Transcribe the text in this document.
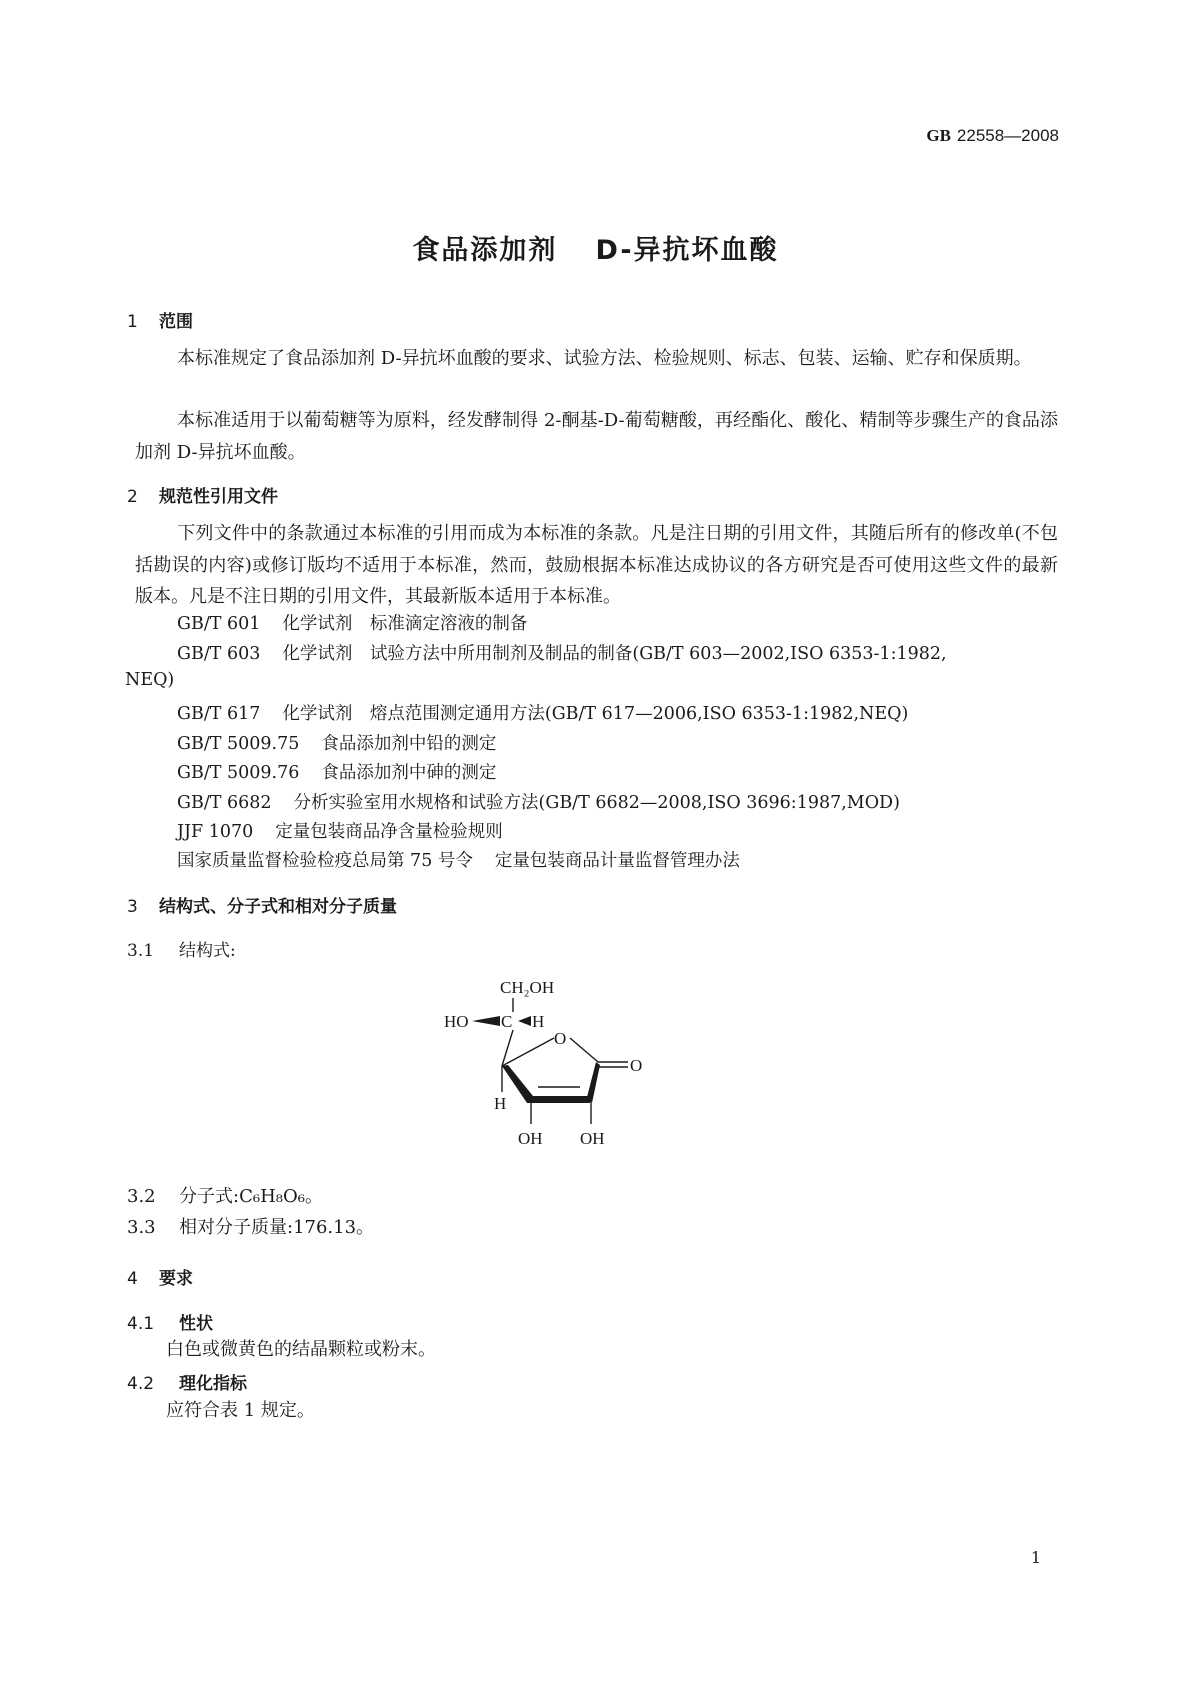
GB 22558—2008
食品添加剂 D-异抗坏血酸
1 范围
本标准规定了食品添加剂 D-异抗坏血酸的要求、试验方法、检验规则、标志、包装、运输、贮存和保质期。
本标准适用于以葡萄糖等为原料，经发酵制得 2-酮基-D-葡萄糖酸，再经酯化、酸化、精制等步骤生产的食品添加剂 D-异抗坏血酸。
2 规范性引用文件
下列文件中的条款通过本标准的引用而成为本标准的条款。凡是注日期的引用文件，其随后所有的修改单(不包括勘误的内容)或修订版均不适用于本标准，然而，鼓励根据本标准达成协议的各方研究是否可使用这些文件的最新版本。凡是不注日期的引用文件，其最新版本适用于本标准。
GB/T 601 化学试剂　标准滴定溶液的制备
GB/T 603 化学试剂　试验方法中所用制剂及制品的制备(GB/T 603—2002,ISO 6353-1:1982,
NEQ)
GB/T 617 化学试剂　熔点范围测定通用方法(GB/T 617—2006,ISO 6353-1:1982,NEQ)
GB/T 5009.75 食品添加剂中铅的测定
GB/T 5009.76 食品添加剂中砷的测定
GB/T 6682 分析实验室用水规格和试验方法(GB/T 6682—2008,ISO 3696:1987,MOD)
JJF 1070 定量包装商品净含量检验规则
国家质量监督检验检疫总局第 75 号令 定量包装商品计量监督管理办法
3 结构式、分子式和相对分子质量
3.1 结构式:
CH₂OH
HO C H
O
O
H
OH OH
3.2 分子式:C₆H₈O₆。
3.3 相对分子质量:176.13。
4 要求
4.1 性状
白色或微黄色的结晶颗粒或粉末。
4.2 理化指标
应符合表 1 规定。
1
